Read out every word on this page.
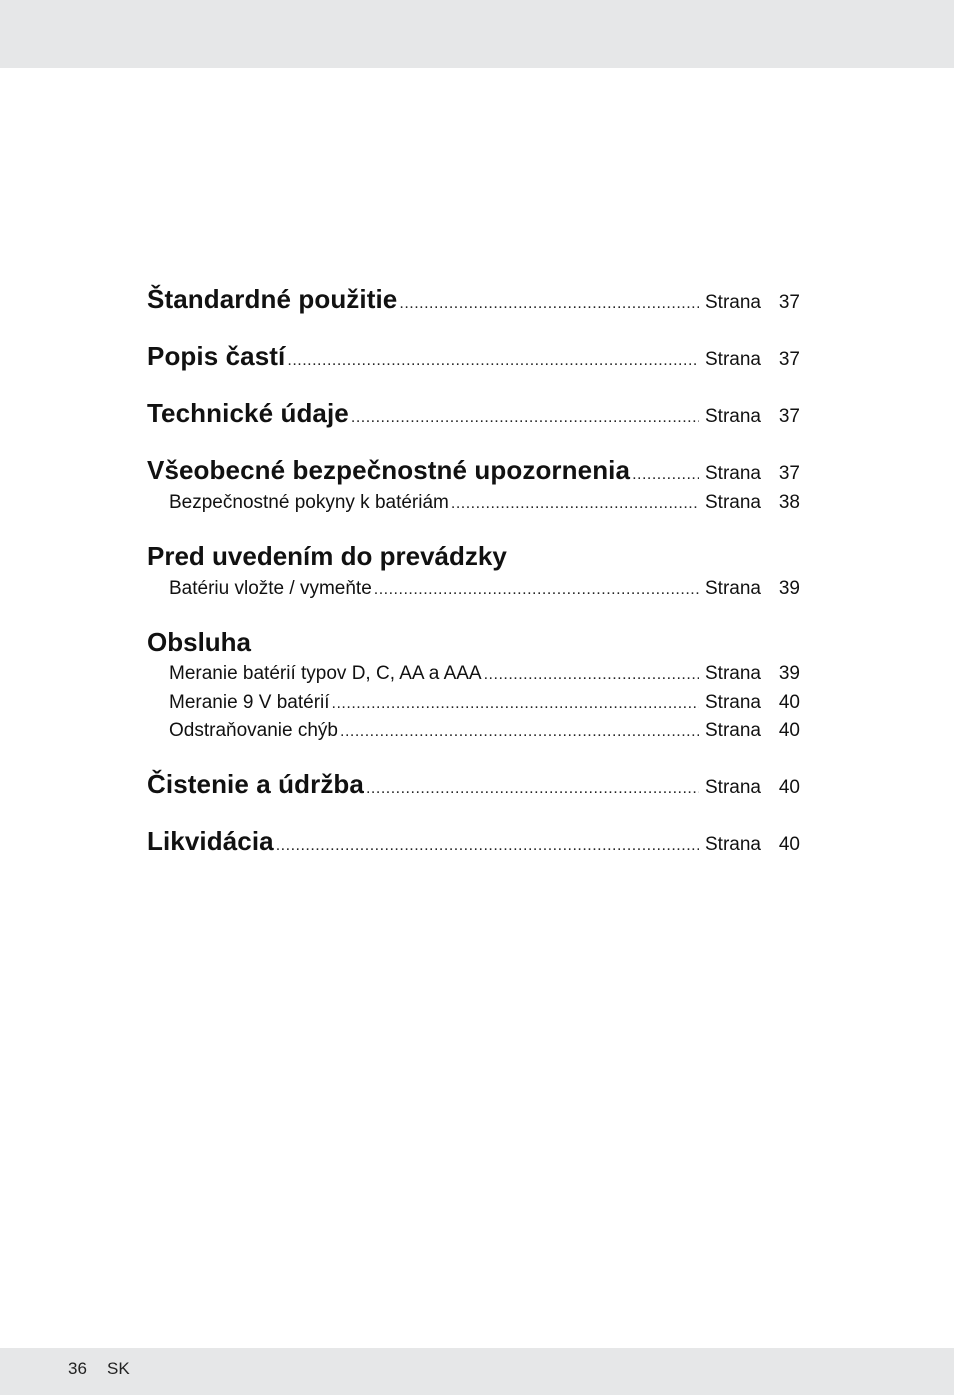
Štandardné použitie .....	Strana 37
Popis častí .....	Strana 37
Technické údaje .....	Strana 37
Všeobecné bezpečnostné upozornenia .....	Strana 37
Bezpečnostné pokyny k batériám .....	Strana 38
Pred uvedením do prevádzky
Batériu vložte / vymeňte .....	Strana 39
Obsluha
Meranie batérií typov D, C, AA a AAA .....	Strana 39
Meranie 9 V batérií .....	Strana 40
Odstraňovanie chýb .....	Strana 40
Čistenie a údržba .....	Strana 40
Likvidácia .....	Strana 40
36 SK
